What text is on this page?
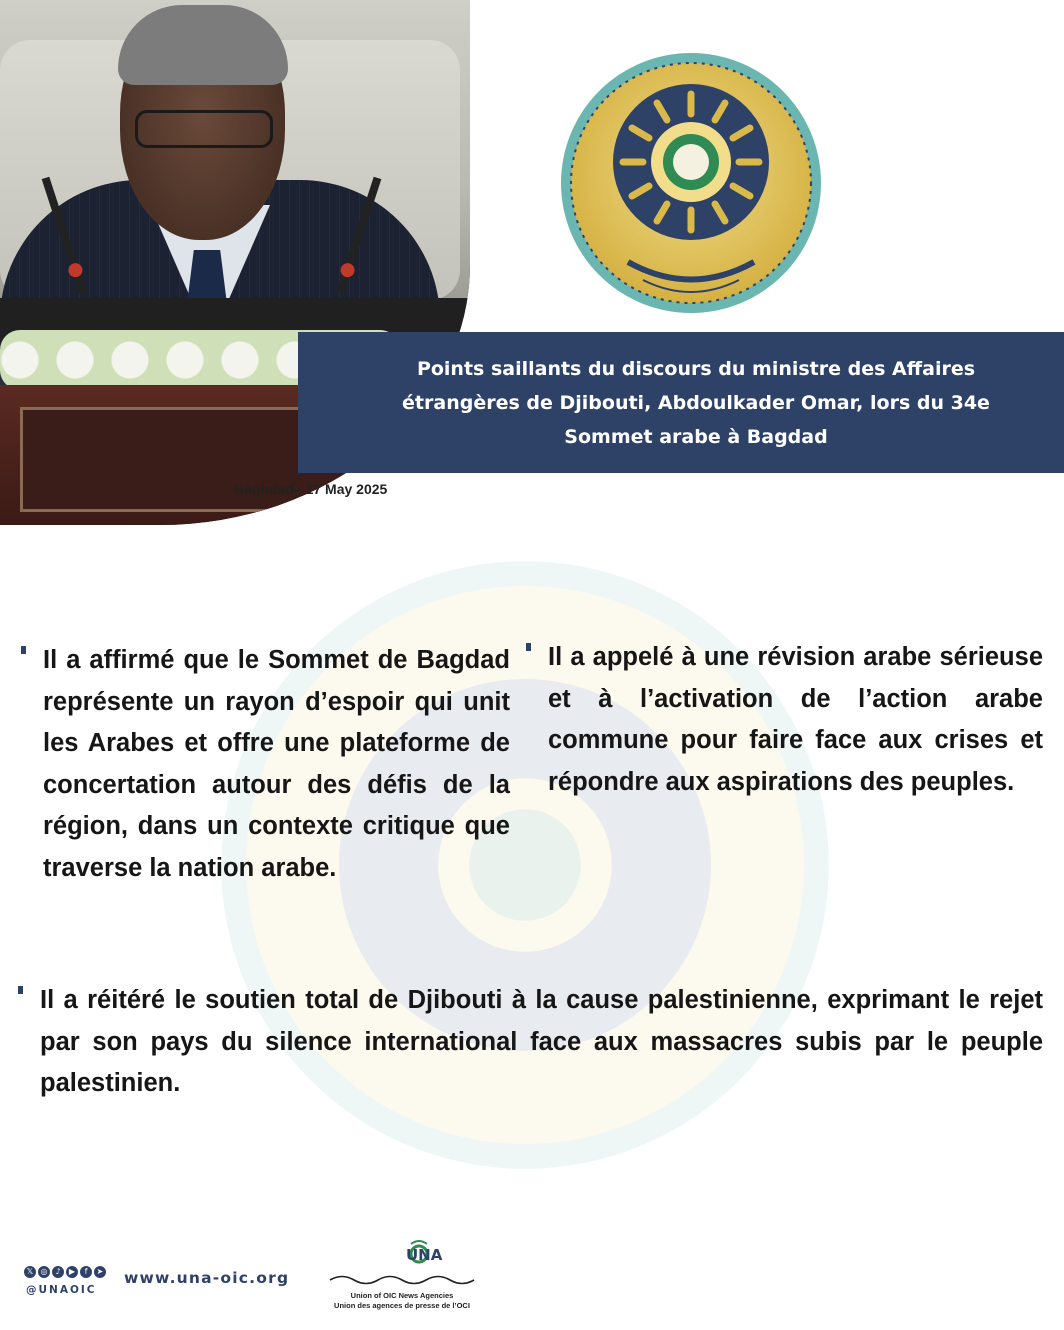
Points saillants du discours du ministre des Affaires étrangères de Djibouti, Abdoulkader Omar, lors du 34e Sommet arabe à Bagdad
Baghdad– 17 May 2025
Il a affirmé que le Sommet de Bagdad représente un rayon d’espoir qui unit les Arabes et offre une plateforme de concertation autour des défis de la région, dans un contexte critique que traverse la nation arabe.
Il a appelé à une révision arabe sérieuse et à l’activation de l’action arabe commune pour faire face aux crises et répondre aux aspirations des peuples.
Il a réitéré le soutien total de Djibouti à la cause palestinienne, exprimant le rejet par son pays du silence international face aux massacres subis par le peuple palestinien.
𝕏 ◎ ♪	▶	f	➤
@UNAOIC
www.una-oic.org
UNA
Union of OIC News Agencies
Union des agences de presse de l’OCI
